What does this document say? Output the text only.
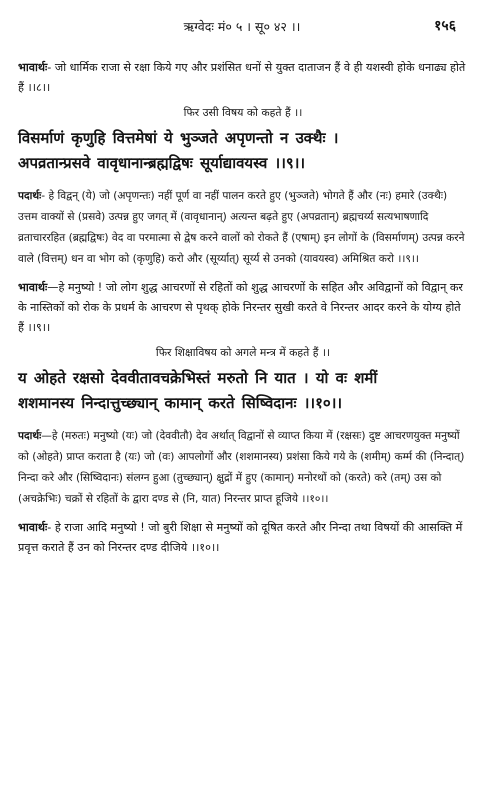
ऋग्वेदः मं० ५ । सू० ४२ ।।	१५६

भावार्थः- जो धार्मिक राजा से रक्षा किये गए और प्रशंसित धनों से युक्त दाताजन हैं वे ही यशस्वी होके धनाढ्य होते हैं ।।८।।

फिर उसी विषय को कहते हैं ।।

विसर्माणं कृणुहि वित्तमेषां ये भुञ्जते अपृणन्तो न उक्थैः ।

अपव्रतान्प्रसवे वावृधानान्ब्रह्मद्विषः सूर्याद्यावयस्व ।।९।।

पदार्थः- हे विद्वन् (ये) जो (अपृणन्तः) नहीं पूर्ण वा नहीं पालन करते हुए (भुञ्जते) भोगते हैं और (नः) हमारे (उक्थैः) उत्तम वाक्यों से (प्रसवे) उत्पन्न हुए जगत् में (वावृधानान्) अत्यन्त बढ़ते हुए (अपव्रतान्) ब्रह्मचर्य्य सत्यभाषणादि व्रताचाररहित (ब्रह्मद्विषः) वेद वा परमात्मा से द्वेष करने वालों को रोकते हैं (एषाम्) इन लोगों के (विसर्माणम्) उत्पन्न करने वाले (वित्तम्) धन वा भोग को (कृणुहि) करो और (सूर्य्यात्) सूर्य्य से उनको (यावयस्व) अमिश्रित करो ।।९।।

भावार्थः—हे मनुष्यो ! जो लोग शुद्ध आचरणों से रहितों को शुद्ध आचरणों के सहित और अविद्वानों को विद्वान् कर के नास्तिकों को रोक के प्रधर्म के आचरण से पृथक् होके निरन्तर सुखी करते वे निरन्तर आदर करने के योग्य होते हैं ।।९।।

फिर शिक्षाविषय को अगले मन्त्र में कहते हैं ।।

य ओहते रक्षसो देववीतावचक्रेभिस्तं मरुतो नि यात । यो वः शमीं

शशमानस्य निन्दात्तुच्छ्यान् कामान् करते सिष्विदानः ।।१०।।

पदार्थः—हे (मरुतः) मनुष्यो (यः) जो (देववीतौ) देव अर्थात् विद्वानों से व्याप्त किया में (रक्षसः) दुष्ट आचरणयुक्त मनुष्यों को (ओहते) प्राप्त कराता है (यः) जो (वः) आपलोगों और (शशमानस्य) प्रशंसा किये गये के (शमीम्) कर्म्म की (निन्दात्) निन्दा करे और (सिष्विदानः) संलग्न हुआ (तुच्छ्यान्) क्षुद्रों में हुए (कामान्) मनोरथों को (करते) करे (तम्) उस को (अचक्रेभिः) चक्रों से रहितों के द्वारा दण्ड से (नि, यात) निरन्तर प्राप्त हूजिये ।।१०।।

भावार्थः- हे राजा आदि मनुष्यो ! जो बुरी शिक्षा से मनुष्यों को दूषित करते और निन्दा तथा विषयों की आसक्ति में प्रवृत्त कराते हैं उन को निरन्तर दण्ड दीजिये ।।१०।।
